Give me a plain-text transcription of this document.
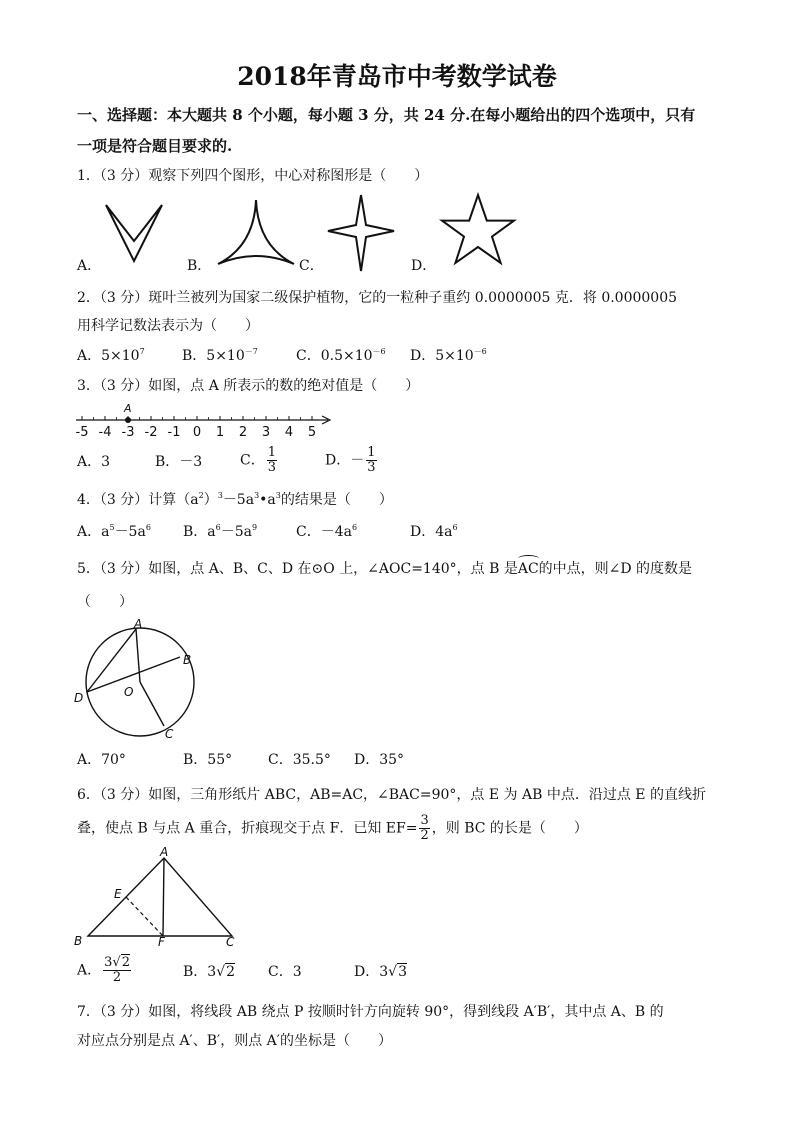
2018年青岛市中考数学试卷
一、选择题：本大题共 8 个小题，每小题 3 分，共 24 分.在每小题给出的四个选项中，只有
一项是符合题目要求的.
1．（3 分）观察下列四个图形，中心对称图形是（　　）
A．	B．	C．	D．
2．（3 分）斑叶兰被列为国家二级保护植物，它的一粒种子重约 0.0000005 克．将 0.0000005
用科学记数法表示为（　　）
A．$5\times 10^7$	B．$5\times 10^{-7}$	C．$0.5\times 10^{-6}$ D．$5\times 10^{-6}$
3．（3 分）如图，点 A 所表示的数的绝对值是（　　）
-5 -4 -3 -2 -1 0 1 2 3 4 5
A
A．3	B．－3	C． $\frac{1}{3}$	D．－ $\frac{1}{3}$
4．（3 分）计算$(a^2)^3-5a^3•a^3$的结果是（　　）
A．$a^5-5a^6$ B．$a^6-5a^9$	C．$-4a^6$	D．$4a^6$
5．（3 分）如图，点 A、B、C、D 在⊙O 上，∠AOC=140°，点 B 是AC的中点，则∠D 的度数是
（　　）
A
B
C
D	O
A．70°	B．55°	C．35.5° D．35°
6．（3 分）如图，三角形纸片 ABC，AB=AC，∠BAC=90°，点 E 为 AB 中点．沿过点 E 的直线折
叠，使点 B 与点 A 重合，折痕现交于点 F．已知 $EF= \frac{3}{2}$ ，则 BC 的长是（　　）
A
B	C
E
F
A． $\frac{3√2}{2}$	B．3√2 C．3	D．3√3
7．（3 分）如图，将线段 AB 绕点 P 按顺时针方向旋转 90°，得到线段 A′B′，其中点 A、B 的
对应点分别是点 A′、B′，则点 A′的坐标是（　　）
